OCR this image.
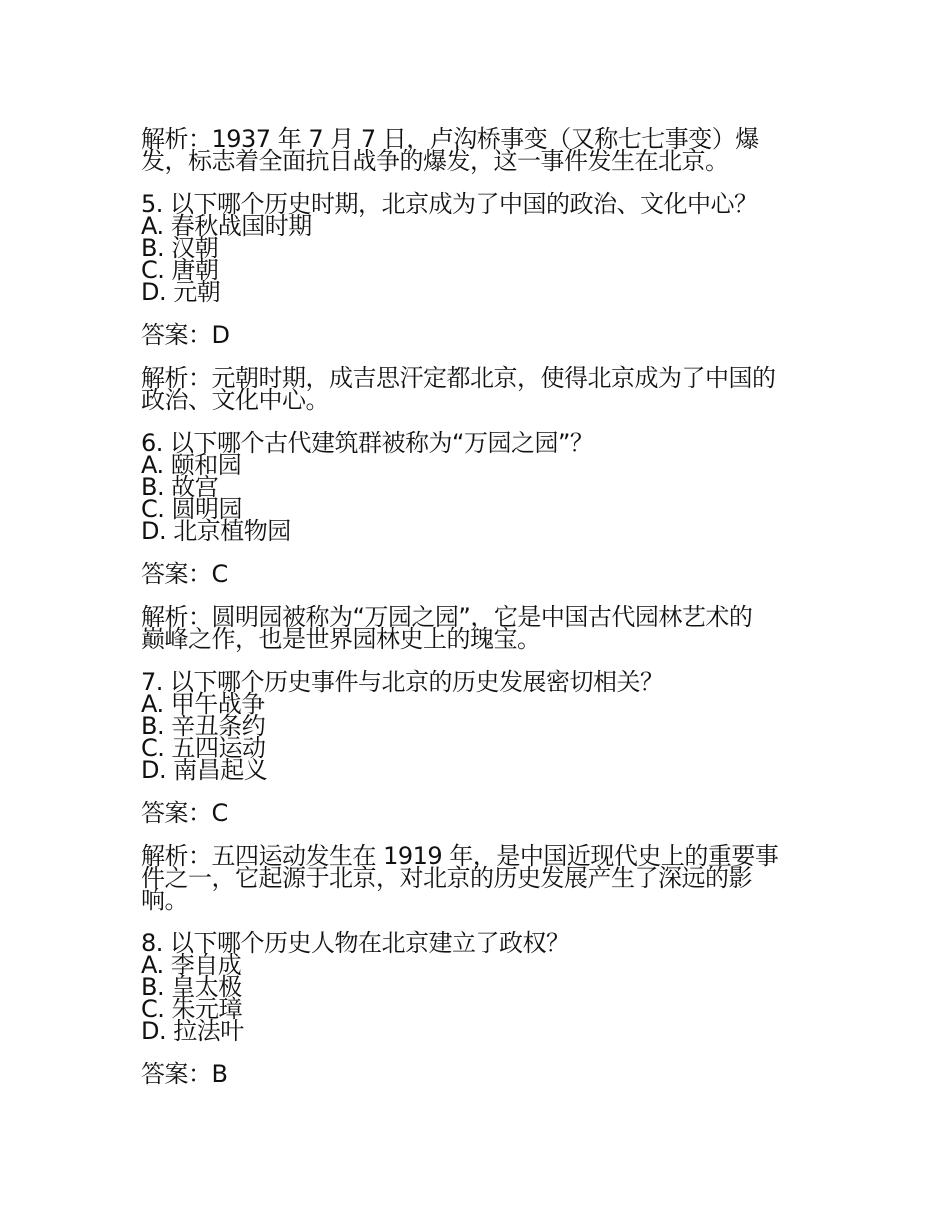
解析：1937 年 7 月 7 日，卢沟桥事变（又称七七事变）爆
发，标志着全面抗日战争的爆发，这一事件发生在北京。
5. 以下哪个历史时期，北京成为了中国的政治、文化中心？
A. 春秋战国时期
B. 汉朝
C. 唐朝
D. 元朝
答案：D
解析：元朝时期，成吉思汗定都北京，使得北京成为了中国的
政治、文化中心。
6. 以下哪个古代建筑群被称为“万园之园”？
A. 颐和园
B. 故宫
C. 圆明园
D. 北京植物园
答案：C
解析：圆明园被称为“万园之园”，它是中国古代园林艺术的
巅峰之作，也是世界园林史上的瑰宝。
7. 以下哪个历史事件与北京的历史发展密切相关？
A. 甲午战争
B. 辛丑条约
C. 五四运动
D. 南昌起义
答案：C
解析：五四运动发生在 1919 年，是中国近现代史上的重要事
件之一，它起源于北京，对北京的历史发展产生了深远的影
响。
8. 以下哪个历史人物在北京建立了政权？
A. 李自成
B. 皇太极
C. 朱元璋
D. 拉法叶
答案：B
